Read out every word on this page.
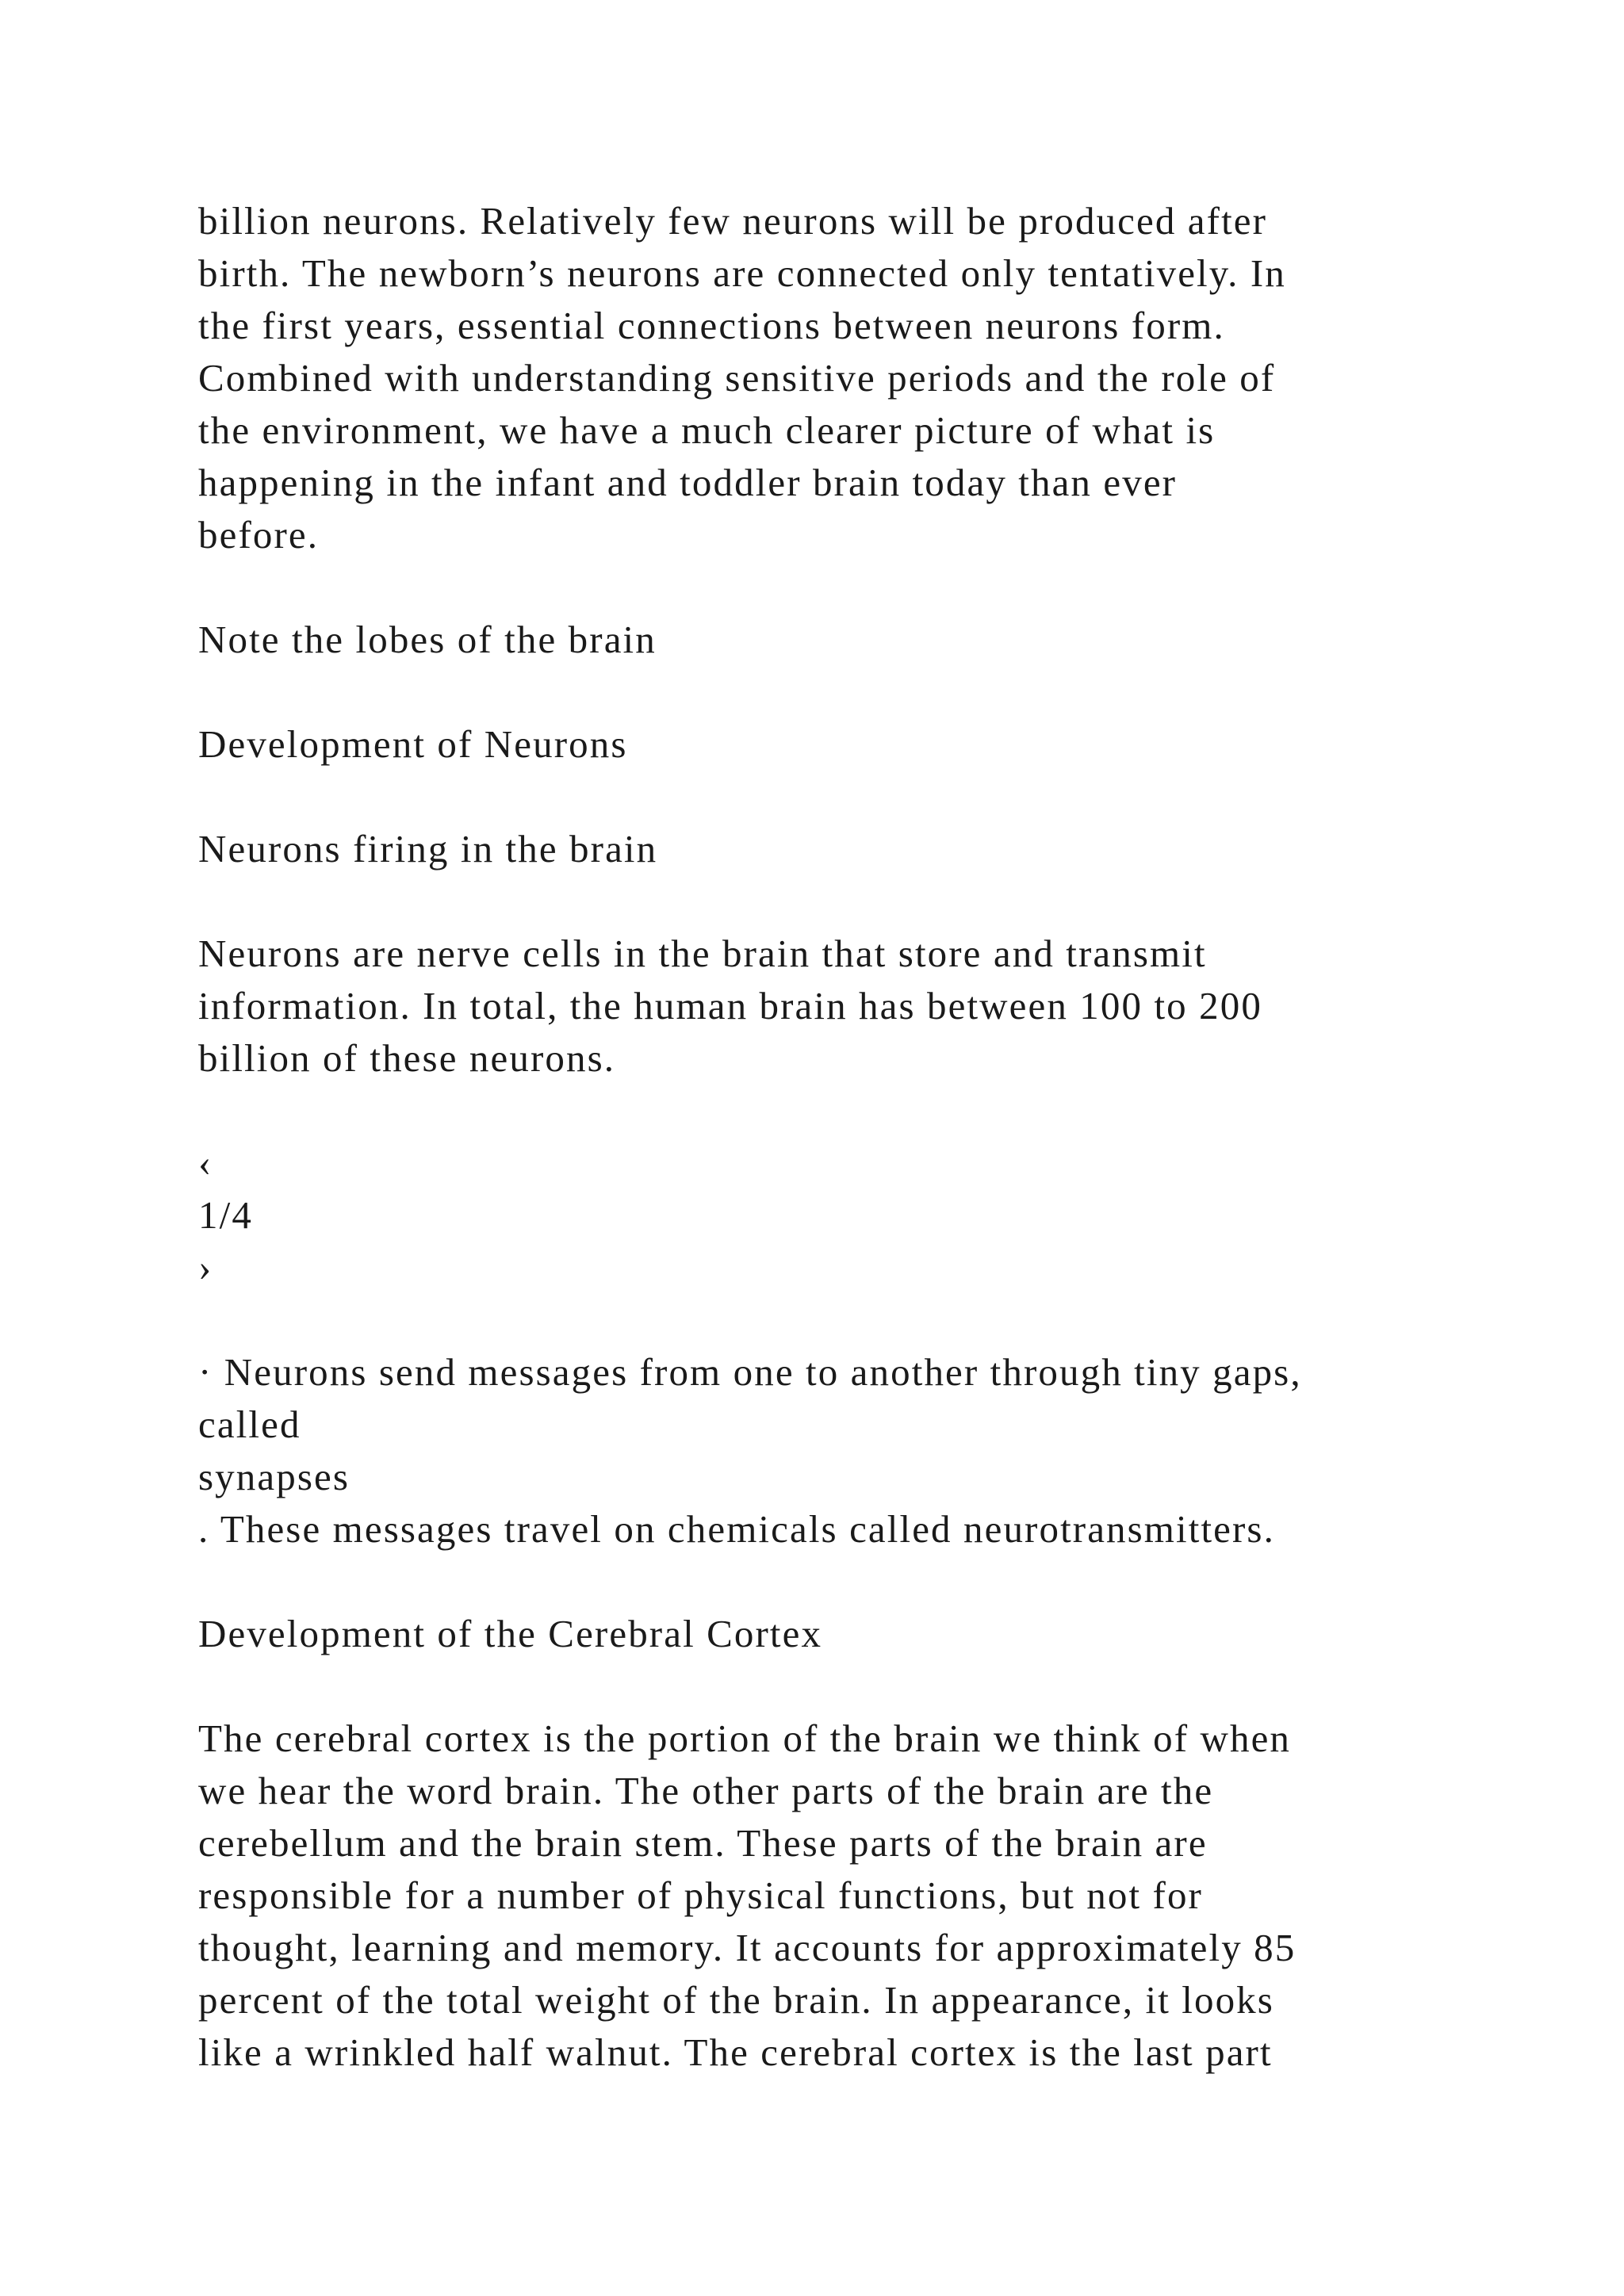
billion neurons. Relatively few neurons will be produced after
birth. The newborn’s neurons are connected only tentatively. In
the first years, essential connections between neurons form.
Combined with understanding sensitive periods and the role of
the environment, we have a much clearer picture of what is
happening in the infant and toddler brain today than ever
before.
Note the lobes of the brain
Development of Neurons
Neurons firing in the brain
Neurons are nerve cells in the brain that store and transmit
information. In total, the human brain has between 100 to 200
billion of these neurons.
‹
1/4
›
· Neurons send messages from one to another through tiny gaps,
called
synapses
. These messages travel on chemicals called neurotransmitters.
Development of the Cerebral Cortex
The cerebral cortex is the portion of the brain we think of when
we hear the word brain. The other parts of the brain are the
cerebellum and the brain stem. These parts of the brain are
responsible for a number of physical functions, but not for
thought, learning and memory. It accounts for approximately 85
percent of the total weight of the brain. In appearance, it looks
like a wrinkled half walnut. The cerebral cortex is the last part
